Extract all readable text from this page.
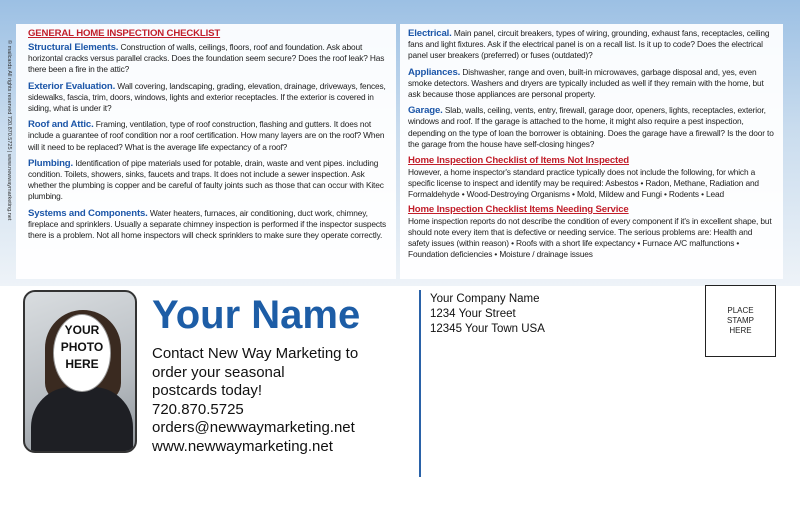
© mailcards All rights reserved 720.870.5725 | www.newwaymarketing.net
GENERAL HOME INSPECTION CHECKLIST
Structural Elements. Construction of walls, ceilings, floors, roof and foundation. Ask about horizontal cracks versus parallel cracks. Does the foundation seem secure? Does the roof leak? Has there been a fire in the attic?
Exterior Evaluation. Wall covering, landscaping, grading, elevation, drainage, driveways, fences, sidewalks, fascia, trim, doors, windows, lights and exterior receptacles. If the exterior is covered in siding, what is under it?
Roof and Attic. Framing, ventilation, type of roof construction, flashing and gutters. It does not include a guarantee of roof condition nor a roof certification. How many layers are on the roof? When will it need to be replaced? What is the average life expectancy of a roof?
Plumbing. Identification of pipe materials used for potable, drain, waste and vent pipes. including condition. Toilets, showers, sinks, faucets and traps. It does not include a sewer inspection. Ask whether the plumbing is copper and be careful of faulty joints such as those that can occur with Kitec plumbing.
Systems and Components. Water heaters, furnaces, air conditioning, duct work, chimney, fireplace and sprinklers. Usually a separate chimney inspection is performed if the inspector suspects there is a problem. Not all home inspectors will check sprinklers to make sure they operate correctly.
Electrical. Main panel, circuit breakers, types of wiring, grounding, exhaust fans, receptacles, ceiling fans and light fixtures. Ask if the electrical panel is on a recall list. Is it up to code? Does the electrical panel user breakers (preferred) or fuses (outdated)?
Appliances. Dishwasher, range and oven, built-in microwaves, garbage disposal and, yes, even smoke detectors. Washers and dryers are typically included as well if they remain with the home, but ask because those appliances are personal property.
Garage. Slab, walls, ceiling, vents, entry, firewall, garage door, openers, lights, receptacles, exterior, windows and roof. If the garage is attached to the home, it might also require a pest inspection, depending on the type of loan the borrower is obtaining. Does the garage have a firewall? Is the door to the garage from the house have self-closing hinges?
Home Inspection Checklist of Items Not Inspected
However, a home inspector's standard practice typically does not include the following, for which a specific license to inspect and identify may be required: Asbestos • Radon, Methane, Radiation and Formaldehyde • Wood-Destroying Organisms • Mold, Mildew and Fungi • Rodents • Lead
Home Inspection Checklist Items Needing Service
Home inspection reports do not describe the condition of every component if it's in excellent shape, but should note every item that is defective or needing service. The serious problems are: Health and safety issues (within reason) • Roofs with a short life expectancy • Furnace A/C malfunctions • Foundation deficiencies • Moisture / drainage issues
YOUR
PHOTO
HERE
Your Name
Contact New Way Marketing to
order your seasonal
postcards today!
720.870.5725
orders@newwaymarketing.net
www.newwaymarketing.net
Your Company Name
1234 Your Street
12345 Your Town USA
PLACE
STAMP
HERE
